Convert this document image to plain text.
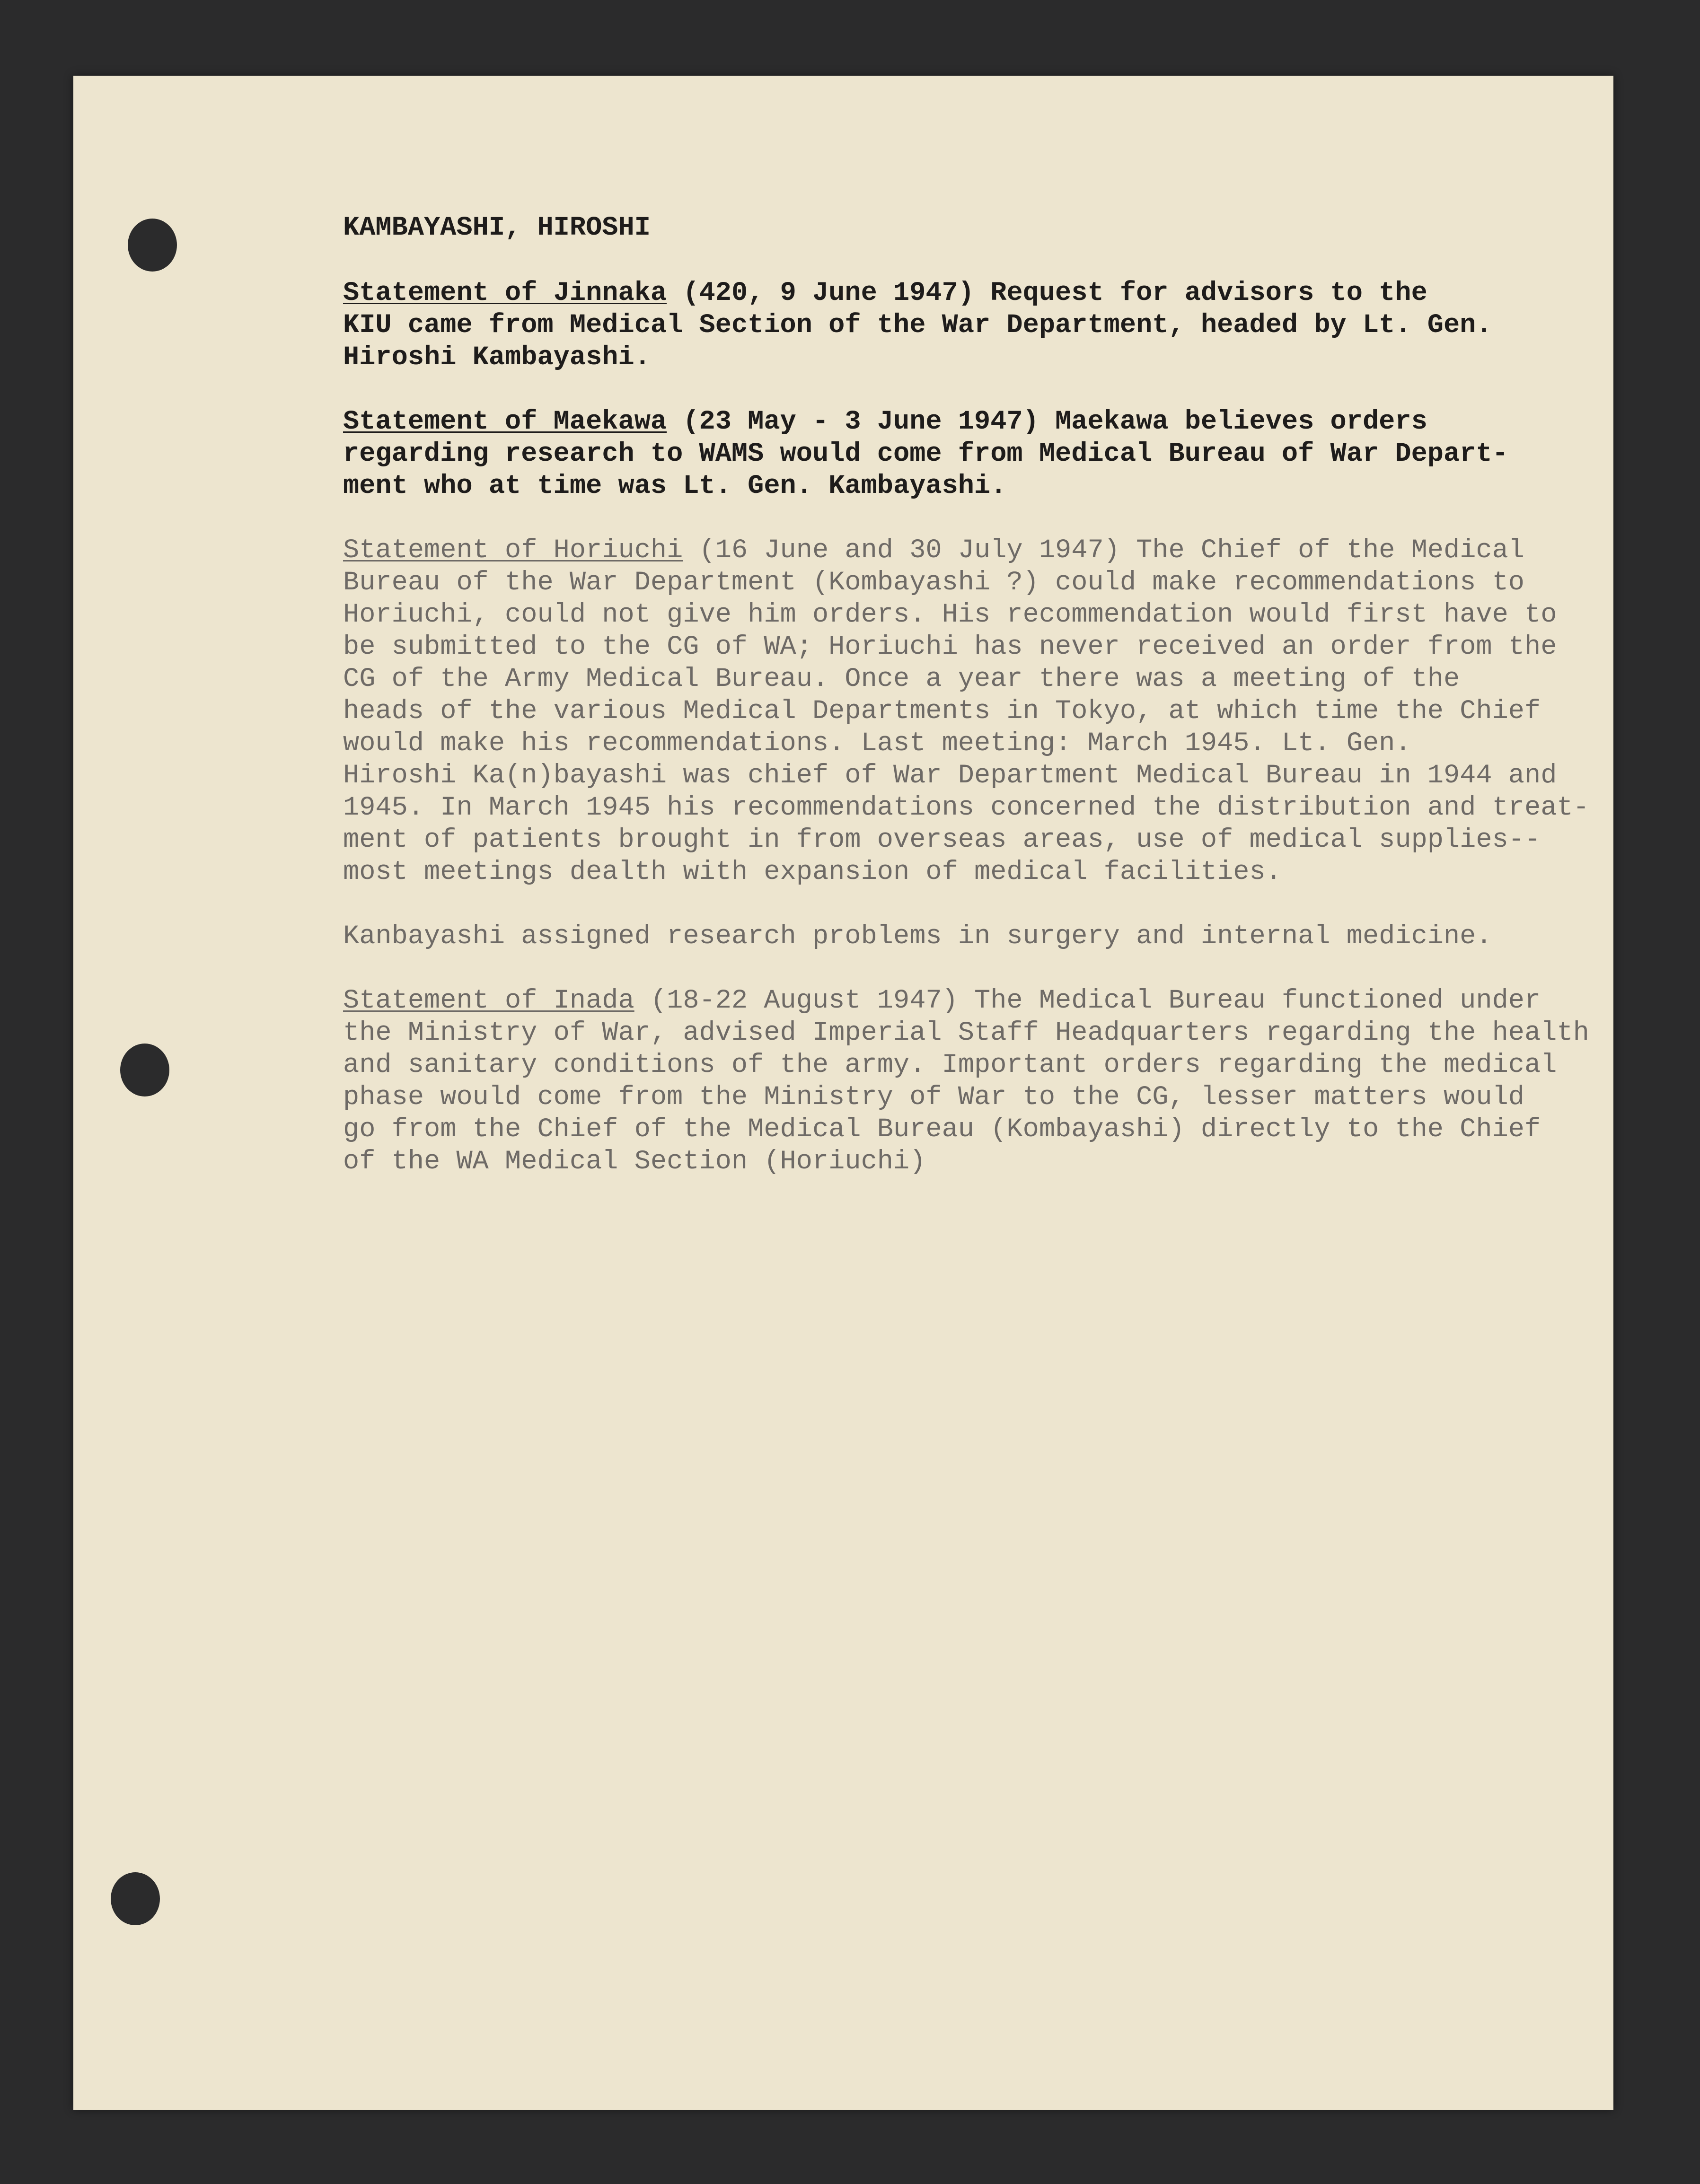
KAMBAYASHI, HIROSHI
Statement of Jinnaka (420, 9 June 1947) Request for advisors to the
KIU came from Medical Section of the War Department, headed by Lt. Gen.
Hiroshi Kambayashi.
Statement of Maekawa (23 May - 3 June 1947) Maekawa believes orders
regarding research to WAMS would come from Medical Bureau of War Depart-
ment who at time was Lt. Gen. Kambayashi.
Statement of Horiuchi (16 June and 30 July 1947) The Chief of the Medical
Bureau of the War Department (Kombayashi ?) could make recommendations to
Horiuchi, could not give him orders. His recommendation would first have to
be submitted to the CG of WA; Horiuchi has never received an order from the
CG of the Army Medical Bureau. Once a year there was a meeting of the
heads of the various Medical Departments in Tokyo, at which time the Chief
would make his recommendations. Last meeting: March 1945. Lt. Gen.
Hiroshi Ka(n)bayashi was chief of War Department Medical Bureau in 1944 and
1945. In March 1945 his recommendations concerned the distribution and treat-
ment of patients brought in from overseas areas, use of medical supplies--
most meetings dealth with expansion of medical facilities.
Kanbayashi assigned research problems in surgery and internal medicine.
Statement of Inada (18-22 August 1947) The Medical Bureau functioned under
the Ministry of War, advised Imperial Staff Headquarters regarding the health
and sanitary conditions of the army. Important orders regarding the medical
phase would come from the Ministry of War to the CG, lesser matters would
go from the Chief of the Medical Bureau (Kombayashi) directly to the Chief
of the WA Medical Section (Horiuchi)
